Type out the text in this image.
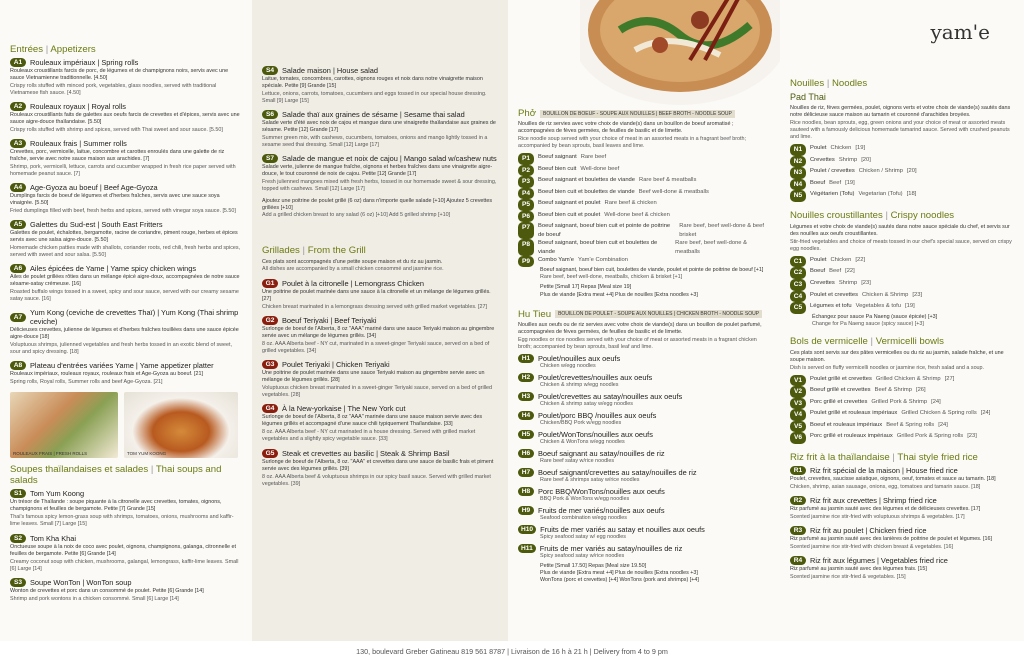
Entrées | Appetizers
A1	Rouleaux impériaux | Spring rolls
Rouleaux croustillants farcis de porc, de légumes et de champignons noirs, servis avec une sauce Vietnamienne traditionnelle. [4.50]
Crispy rolls stuffed with minced pork, vegetables, glass noodles, served with traditional Vietnamese fish sauce. [4.50]
A2	Rouleaux royaux | Royal rolls
Rouleaux croustillants faits de galettes aux oeufs farcis de crevettes et d'épices, servis avec une sauce aigre-douce thaïlandaise. [5.50]
Crispy rolls stuffed with shrimp and spices, served with Thai sweet and sour sauce. [5.50]
A3	Rouleaux frais | Summer rolls
Crevettes, porc, vermicelle, laitue, concombre et carottes enroulés dans une galette de riz fraîche, servie avec notre sauce maison aux arachides. [7]
Shrimp, pork, vermicelli, lettuce, carrots and cucumber wrapped in fresh rice paper served with homemade peanut sauce. [7]
A4	Age-Gyoza au boeuf | Beef Age-Gyoza
Dumplings farcis de boeuf de légumes et d'herbes fraîches, servis avec une sauce soya vinaigrée. [5.50]
Fried dumplings filled with beef, fresh herbs and spices, served with vinegar soya sauce. [5.50]
A5	Galettes du Sud-est | South East Fritters
Galettes de poulet, échalottes, bergamotte, racine de coriandre, piment rouge, herbes et épices servis avec une salsa aigre-douce. [5.50]
Homemade chicken patties made with shallots, coriander roots, red chili, fresh herbs and spices, served with sweet and sour salsa. [5.50]
A6	Ailes épicées de Yame | Yame spicy chicken wings
Ailes de poulet grillées rôties dans un mélange épicé aigre-doux, accompagnées de notre sauce sésame-satay crémeuse. [16]
Roasted buffalo wings tossed in a sweet, spicy and sour sauce, served with our creamy sesame satay sauce. [16]
A7	Yum Kong (ceviche de crevettes Thaï) | Yum Kong (Thai shrimp ceviche)
Délicieuses crevettes, julienne de légumes et d'herbes fraîches touillées dans une sauce épicée aigre-douce [18]
Voluptuous shrimps, julienned vegetables and fresh herbs tossed in an exotic blend of sweet, sour and spicy dressing. [18]
A8	Plateau d'entrées variées Yame | Yame appetizer platter
Rouleaux impériaux, rouleaux royaux, rouleaux frais et Age-Gyoza au boeuf. [21]
Spring rolls, Royal rolls, Summer rolls and beef Age-Gyoza. [21]
ROULEAUX FRAIS | FRESH ROLLS	TOM YUM KOONG
Soupes thaïlandaises et salades | Thai soups and salads
S1	Tom Yum Koong
Un trésor de Thaïlande : soupe piquante à la citronelle avec crevettes, tomates, oignons, champignons et feuilles de bergamote. Petite [7] Grande [15]
Thai's famous spicy lemon-grass soup with shrimps, tomatoes, onions, mushrooms and kaffir-lime leaves. Small [7] Large [15]
S2	Tom Kha Khai
Onctueuse soupe à la noix de coco avec poulet, oignons, champignons, galanga, citronnelle et feuilles de bergamote. Petite [6] Grande [14]
Creamy coconut soup with chicken, mushrooms, galangal, lemongrass, kaffir-lime leaves. Small [6] Large [14]
S3	Soupe WonTon | WonTon soup
Wonton de crevettes et porc dans un consommé de poulet. Petite [6] Grande [14]
Shrimp and pork wontons in a chicken consommé. Small [6] Large [14]
S4	Salade maison | House salad
Laitue, tomates, concombres, carottes, oignons rouges et noix dans notre vinaigrette maison spéciale. Petite [9] Grande [15]
Lettuce, onions, carrots, tomatoes, cucumbers and eggs tossed in our special house dressing. Small [9] Large [15]
S6	Salade thaï aux graines de sésame | Sesame thai salad
Salade verte d'été avec noix de cajou et mangue dans une vinaigrette thaïlandaise aux graines de sésame. Petite [12] Grande [17]
Summer green mix, with cashews, cucumbers, tomatoes, onions and mango lightly tossed in a sesame seed thai dressing. Small [12] Large [17]
S7	Salade de mangue et noix de cajou | Mango salad w/cashew nuts
Salade verte, julienne de mangue fraîche, oignons et herbes fraîches dans une vinaigrette aigre-douce, le tout couronné de noix de cajou. Petite [12] Grande [17]
Fresh julienned mangoes mixed with fresh herbs, tossed in our homemade sweet & sour dressing, topped with cashews. Small [12] Large [17]
Ajoutez une poitrine de poulet grillé (6 oz) dans n'importe quelle salade [+10] Ajoutez 5 crevettes grillées [+10]
Add a grilled chicken breast to any salad (6 oz) [+10] Add 5 grilled shrimp [+10]
Grillades | From the Grill
Ces plats sont accompagnés d'une petite soupe maison et du riz au jasmin.
All dishes are accompanied by a small chicken consommé and jasmine rice.
G1	Poulet à la citronelle | Lemongrass Chicken
Une poitrine de poulet marinée dans une sauce à la citronelle et un mélange de légumes grillés. [27]
Chicken breast marinated in a lemongrass dressing served with grilled market vegetables. [27]
G2	Boeuf Teriyaki | Beef Teriyaki
Surlonge de boeuf de l'Alberta, 8 oz "AAA" mariné dans une sauce Teriyaki maison au gingembre servie avec un mélange de légumes grillés. [34]
8 oz. AAA Alberta beef - NY cut, marinated in a sweet-ginger Teriyaki sauce, served on a bed of grilled vegetables. [34]
G3	Poulet Teriyaki | Chicken Teriyaki
Une poitrine de poulet marinée dans une sauce Teriyaki maison au gingembre servie avec un mélange de légumes grillés. [28]
Voluptuous chicken breast marinated in a sweet-ginger Teriyaki sauce, served on a bed of grilled vegetables. [28]
G4	À la New-yorkaise | The New York cut
Surlonge de boeuf de l'Alberta, 8 oz "AAA" marinée dans une sauce maison servie avec des légumes grillés et accompagné d'une sauce chili typiquement Thaïlandaise. [33]
8 oz. AAA Alberta beef - NY cut marinated in a house dressing. Served with grilled market vegetables and a slightly spicy vegetable sauce. [33]
G5	Steak et crevettes au basilic | Steak & Shrimp Basil
Surlonge de boeuf de l'Alberta, 8 oz. "AAA" et crevettes dans une sauce de basilic frais et piment servie avec des légumes grillés. [39]
8 oz. AAA Alberta beef & voluptuous shrimps in our spicy basil sauce. Served with grilled market vegetables. [39]
Phở	BOUILLON DE BOEUF - SOUPE AUX NOUILLES | BEEF BROTH - NOODLE SOUP
Nouilles de riz servies avec votre choix de viande(s) dans un bouillon de boeuf aromatisé ; accompagnées de fèves germées, de feuilles de basilic et de limette.
Rice noodle soup served with your choice of meat in an assorted meats in a fragrant beef broth; accompanied by bean sprouts, basil leaves and lime.
P1	Boeuf saignant Rare beef
P2	Boeuf bien cuit Well-done beef
P3	Boeuf saignant et boulettes de viande Rare beef & meatballs
P4	Boeuf bien cuit et boulettes de viande Beef well-done & meatballs
P5	Boeuf saignant et poulet Rare beef & chicken
P6	Boeuf bien cuit et poulet Well-done beef & chicken
P7	Boeuf saignant, boeuf bien cuit et pointe de poitrine de boeuf
Rare beef, beef well-done & beef brisket
P8	Boeuf saignant, boeuf bien cuit et boulettes de viande
Rare beef, beef well-done & meatballs
P9	Combo Yam'e Yam'e Combination
Boeuf saignant, boeuf bien cuit, boulettes de viande, poulet et pointe de poitrine de boeuf [+1]
Rare beef, beef well-done, meatballs, chicken & brisket [+1]
Petite [Small 17] Repas [Meal size 19]
Plus de viande [Extra meat +4] Plus de nouilles [Extra noodles +3]
Hu Tieu	BOUILLON DE POULET - SOUPE AUX NOUILLES | CHICKEN BROTH - NOODLE SOUP
Nouilles aux oeufs ou de riz servies avec votre choix de viande(s) dans un bouillon de poulet parfumé, accompagnées de fèves germées, de feuilles de basilic et de limette.
Egg noodles or rice noodles served with your choice of meat or assorted meats in a fragrant chicken broth; accompanied by bean sprouts, basil leaf and lime.
H1	Poulet/nouilles aux oeufs
Chicken w/egg noodles
H2	Poulet/crevettes/nouilles aux oeufs
Chicken & shrimp w/egg noodles
H3	Poulet/crevettes au satay/nouilles aux oeufs
Chicken & shrimp satay w/egg noodles
H4	Poulet/porc BBQ /nouilles aux oeufs
Chicken/BBQ Pork w/egg noodles
H5	Poulet/WonTons/nouilles aux oeufs
Chicken & WonTons w/egg noodles
H6	Boeuf saignant au satay/nouilles de riz
Rare beef satay w/rice noodles
H7	Boeuf saignant/crevettes au satay/nouilles de riz
Rare beef & shrimps satay w/rice noodles
H8	Porc BBQ/WonTons/nouilles aux oeufs
BBQ Pork & WonTons w/egg noodles
H9	Fruits de mer variés/nouilles aux oeufs
Seafood combination w/egg noodles
H10 Fruits de mer variés au satay et nouilles aux oeufs
Spicy seafood satay w/ egg noodles
H11 Fruits de mer variés au satay/nouilles de riz
Spicy seafood satay w/rice noodles
Petite [Small 17.50] Repas [Meal size 19.50]
Plus de viande [Extra meat +4] Plus de nouilles [Extra noodles +3]
WonTons (porc et crevettes) [+4] WonTons (pork and shrimps) [+4]
Nouilles | Noodles
Pad Thai
Nouilles de riz, fèves germées, poulet, oignons verts et votre choix de viande(s) sautés dans notre délicieuse sauce maison au tamarin et couronné d'arachides broyées.
Rice noodles, bean sprouts, egg, green onions and your choice of meat or assorted meats sauteed with a famously delicious homemade tamarind sauce. Served with crushed peanuts and lime.
N1	Poulet Chicken [19]
N2	Crevettes Shrimp [20]
N3	Poulet / crevettes Chicken / Shrimp [20]
N4	Boeuf Beef [19]
N5	Végétarien (Tofu) Vegetarian (Tofu) [18]
Nouilles croustillantes | Crispy noodles
Légumes et votre choix de viande(s) sautés dans notre sauce spéciale du chef, et servis sur des nouilles aux oeufs croustillantes.
Stir-fried vegetables and choice of meats tossed in our chef's special sauce, served on crispy egg noodles.
C1	Poulet Chicken [22]
C2	Boeuf Beef [22]
C3	Crevettes Shrimp [23]
C4	Poulet et crevettes Chicken & Shrimp [23]
C5	Légumes et tofu Vegetables & tofu [19]
Échangez pour sauce Pa Naeng (sauce épicée) [+3]
Change for Pa Naeng sauce (spicy sauce) [+3]
Bols de vermicelle | Vermicelli bowls
Ces plats sont servis sur des pâtes vermicelles ou du riz au jasmin, salade fraîche, et une soupe maison.
Dish is served on fluffy vermicelli noodles or jasmine rice, fresh salad and a soup.
V1	Poulet grillé et crevettes Grilled Chicken & Shrimp [27]
V2	Boeuf grillé et crevettes Beef & Shrimp [26]
V3	Porc grillé et crevettes Grilled Pork & Shrimp [24]
V4	Poulet grillé et rouleaux impériaux Grilled Chicken & Spring rolls [24]
V5	Boeuf et rouleaux impériaux Beef & Spring rolls [24]
V6	Porc grillé et rouleaux impériaux Grilled Pork & Spring rolls [23]
Riz frit à la thaïlandaise | Thai style fried rice
R1	Riz frit spécial de la maison | House fried rice
Poulet, crevettes, saucisse asiatique, oignons, oeuf, tomates et sauce au tamarin. [18]
Chicken, shrimp, asian sausage, onions, egg, tomatoes and tamarin sauce. [18]
R2	Riz frit aux crevettes | Shrimp fried rice
Riz parfumé au jasmin sauté avec des légumes et de délicieuses crevettes. [17]
Scented jasmine rice stir-fried with voluptuous shrimps & vegetables. [17]
R3	Riz frit au poulet | Chicken fried rice
Riz parfumé au jasmin sauté avec des lanières de poitrine de poulet et légumes. [16]
Scented jasmine rice stir-fried with chicken breast & vegetables. [16]
R4	Riz frit aux légumes | Vegetables fried rice
Riz parfumé au jasmin sauté avec des légumes frais. [15]
Scented jasmine rice stir-fried & vegetables. [15]
yam'e
130, boulevard Greber Gatineau 819 561 8787 | Livraison de 16 h à 21 h | Delivery from 4 to 9 pm
